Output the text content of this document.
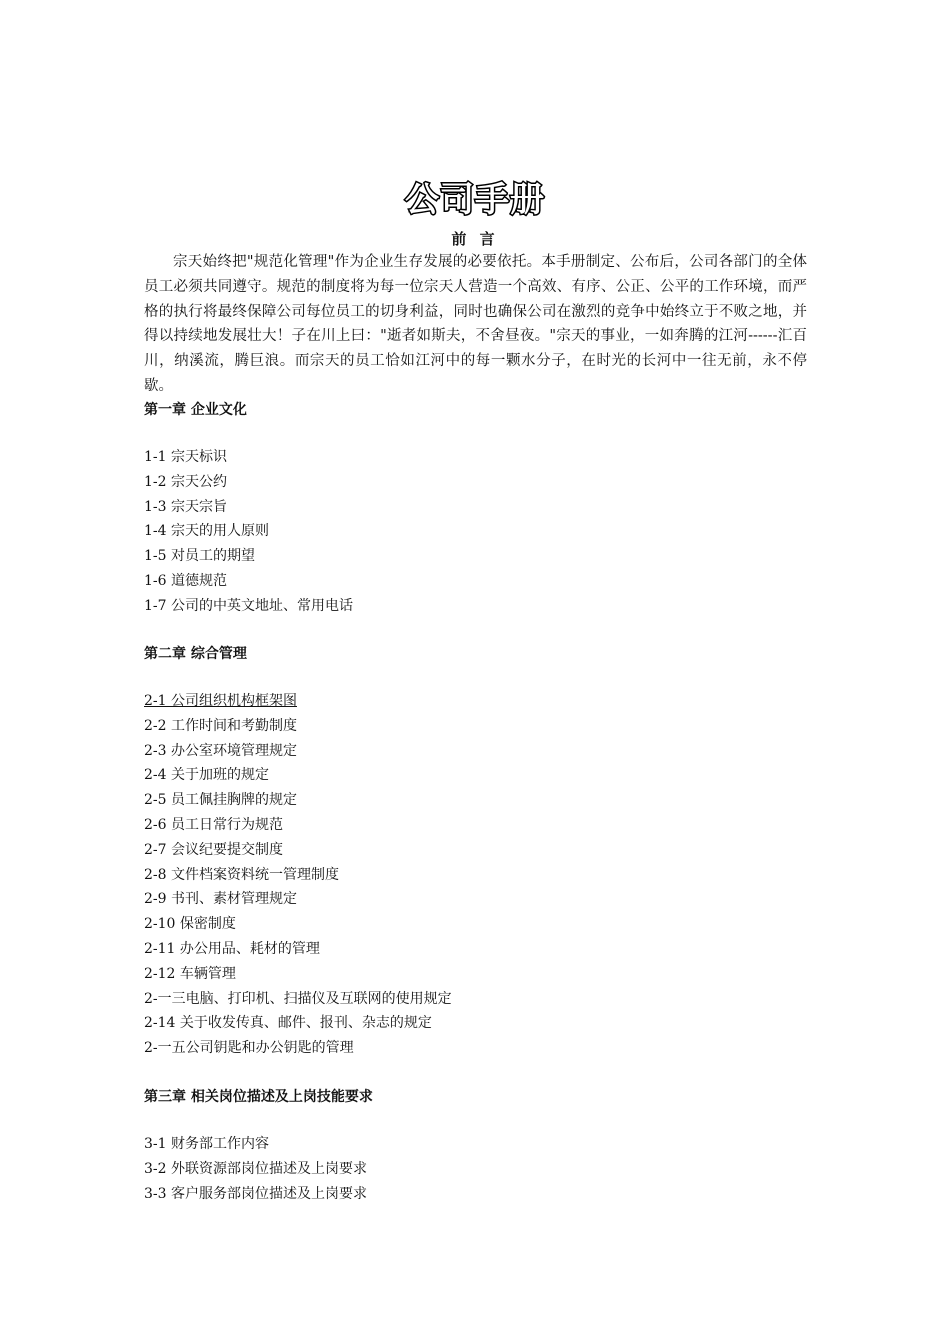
公司手册
前 言

宗天始终把"规范化管理"作为企业生存发展的必要依托。本手册制定、公布后，公司各部门的全体员工必须共同遵守。规范的制度将为每一位宗天人营造一个高效、有序、公正、公平的工作环境，而严格的执行将最终保障公司每位员工的切身利益，同时也确保公司在激烈的竞争中始终立于不败之地，并得以持续地发展壮大！子在川上曰："逝者如斯夫，不舍昼夜。"宗天的事业，一如奔腾的江河------汇百川，纳溪流，腾巨浪。而宗天的员工恰如江河中的每一颗水分子，在时光的长河中一往无前，永不停歇。

第一章 企业文化

1-1 宗天标识
1-2 宗天公约
1-3 宗天宗旨
1-4 宗天的用人原则
1-5 对员工的期望
1-6 道德规范
1-7 公司的中英文地址、常用电话

第二章 综合管理

2-1 公司组织机构框架图
2-2 工作时间和考勤制度
2-3 办公室环境管理规定
2-4 关于加班的规定
2-5 员工佩挂胸牌的规定
2-6 员工日常行为规范
2-7 会议纪要提交制度
2-8 文件档案资料统一管理制度
2-9 书刊、素材管理规定
2-10 保密制度
2-11 办公用品、耗材的管理
2-12 车辆管理
2-一三电脑、打印机、扫描仪及互联网的使用规定
2-14 关于收发传真、邮件、报刊、杂志的规定
2-一五公司钥匙和办公钥匙的管理

第三章 相关岗位描述及上岗技能要求

3-1 财务部工作内容
3-2 外联资源部岗位描述及上岗要求
3-3 客户服务部岗位描述及上岗要求
